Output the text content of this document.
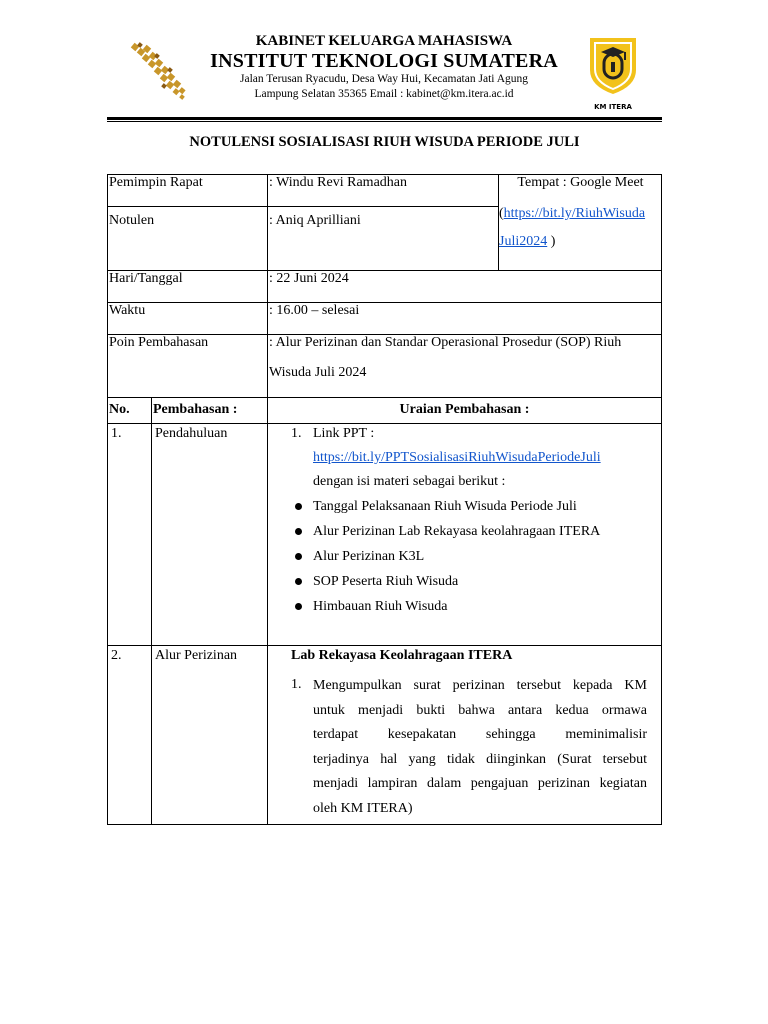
KABINET KELUARGA MAHASISWA
INSTITUT TEKNOLOGI SUMATERA
Jalan Terusan Ryacudu, Desa Way Hui, Kecamatan Jati Agung
Lampung Selatan 35365 Email : kabinet@km.itera.ac.id
KM ITERA
NOTULENSI SOSIALISASI RIUH WISUDA PERIODE JULI
Pemimpin Rapat	: Windu Revi Ramadhan
Notulen	: Aniq Aprilliani
Tempat : Google Meet
(https://bit.ly/RiuhWisuda
Juli2024 )
Hari/Tanggal	: 22 Juni 2024
Waktu	: 16.00 – selesai
Poin Pembahasan	: Alur Perizinan dan Standar Operasional Prosedur (SOP) Riuh
Wisuda Juli 2024
No. Pembahasan :	Uraian Pembahasan :
1. Pendahuluan	1. Link PPT :
https://bit.ly/PPTSosialisasiRiuhWisudaPeriodeJuli
dengan isi materi sebagai berikut :
Tanggal Pelaksanaan Riuh Wisuda Periode Juli
Alur Perizinan Lab Rekayasa keolahragaan ITERA
Alur Perizinan K3L
SOP Peserta Riuh Wisuda
Himbauan Riuh Wisuda
2. Alur Perizinan	Lab Rekayasa Keolahragaan ITERA
1. Mengumpulkan surat perizinan tersebut kepada KM
untuk menjadi bukti bahwa antara kedua ormawa
terdapat kesepakatan sehingga meminimalisir
terjadinya hal yang tidak diinginkan (Surat tersebut
menjadi lampiran dalam pengajuan perizinan kegiatan
oleh KM ITERA)
